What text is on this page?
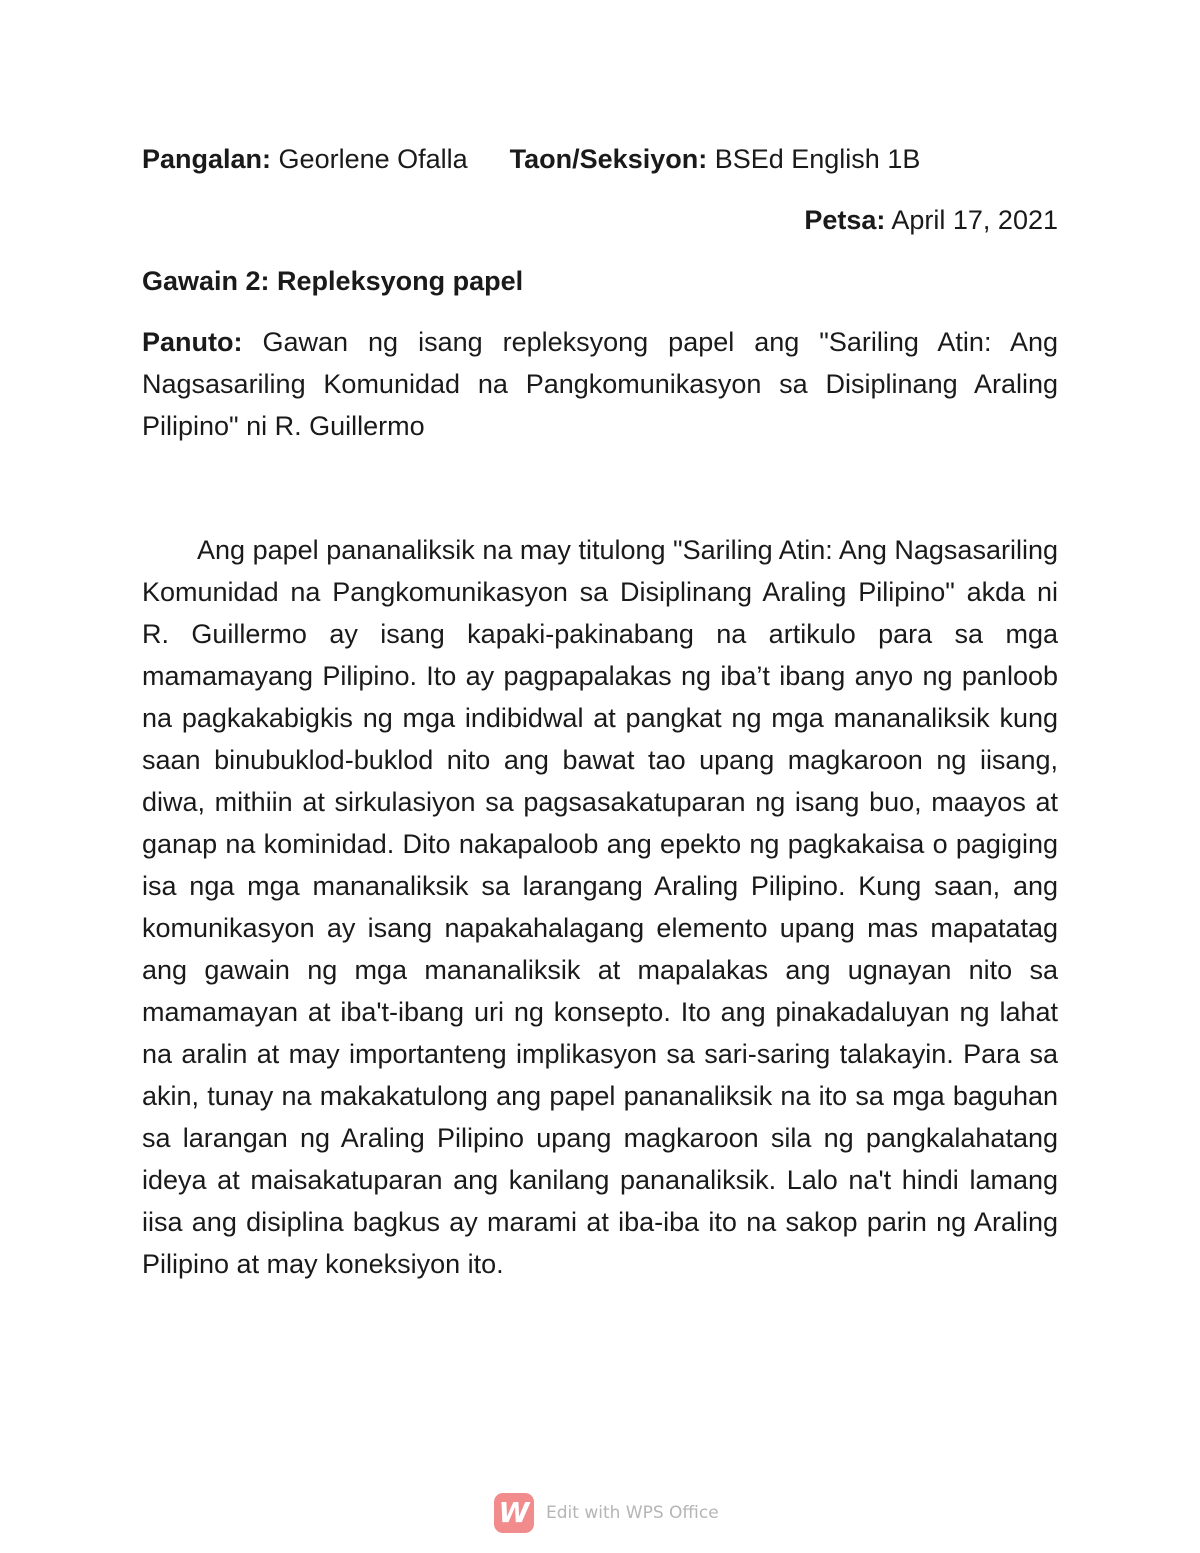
Pangalan: Georlene Ofalla Taon/Seksiyon: BSEd English 1B
Petsa: April 17, 2021
Gawain 2: Repleksyong papel
Panuto: Gawan ng isang repleksyong papel ang "Sariling Atin: Ang Nagsasariling Komunidad na Pangkomunikasyon sa Disiplinang Araling Pilipino" ni R. Guillermo
Ang papel pananaliksik na may titulong "Sariling Atin: Ang Nagsasariling Komunidad na Pangkomunikasyon sa Disiplinang Araling Pilipino" akda ni R. Guillermo ay isang kapaki-pakinabang na artikulo para sa mga mamamayang Pilipino. Ito ay pagpapalakas ng iba’t ibang anyo ng panloob na pagkakabigkis ng mga indibidwal at pangkat ng mga mananaliksik kung saan binubuklod-buklod nito ang bawat tao upang magkaroon ng iisang, diwa, mithiin at sirkulasiyon sa pagsasakatuparan ng isang buo, maayos at ganap na kominidad. Dito nakapaloob ang epekto ng pagkakaisa o pagiging isa nga mga mananaliksik sa larangang Araling Pilipino. Kung saan, ang komunikasyon ay isang napakahalagang elemento upang mas mapatatag ang gawain ng mga mananaliksik at mapalakas ang ugnayan nito sa mamamayan at iba't-ibang uri ng konsepto. Ito ang pinakadaluyan ng lahat na aralin at may importanteng implikasyon sa sari-saring talakayin. Para sa akin, tunay na makakatulong ang papel pananaliksik na ito sa mga baguhan sa larangan ng Araling Pilipino upang magkaroon sila ng pangkalahatang ideya at maisakatuparan ang kanilang pananaliksik. Lalo na't hindi lamang iisa ang disiplina bagkus ay marami at iba-iba ito na sakop parin ng Araling Pilipino at may koneksiyon ito.
W Edit with WPS Office
